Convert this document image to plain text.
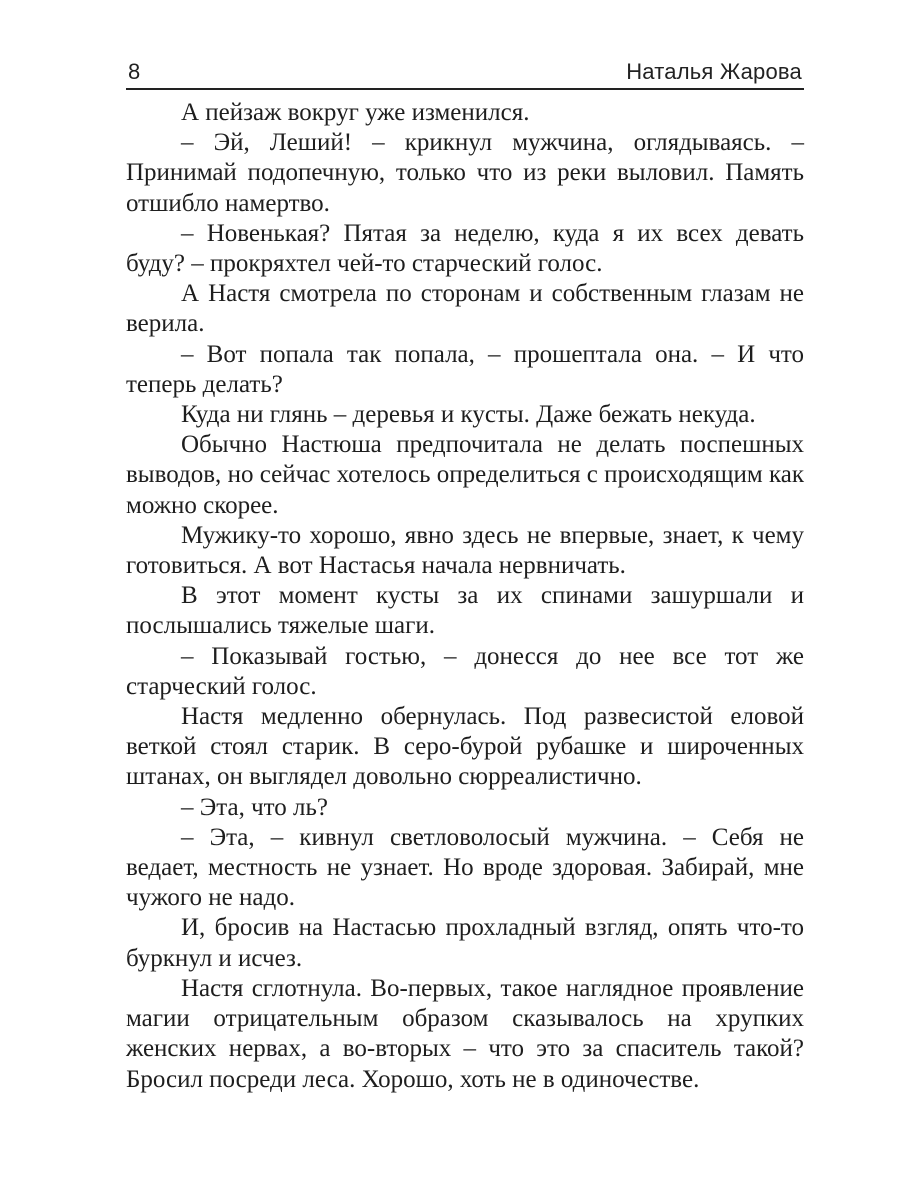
8	Наталья Жарова

А пейзаж вокруг уже изменился.

– Эй, Леший! – крикнул мужчина, оглядываясь. – Принимай подопечную, только что из реки выловил. Память отшибло намертво.

– Новенькая? Пятая за неделю, куда я их всех девать буду? – прокряхтел чей-то старческий голос.

А Настя смотрела по сторонам и собственным глазам не верила.

– Вот попала так попала, – прошептала она. – И что теперь делать?

Куда ни глянь – деревья и кусты. Даже бежать некуда.

Обычно Настюша предпочитала не делать поспешных выводов, но сейчас хотелось определиться с происходящим как можно скорее.

Мужику-то хорошо, явно здесь не впервые, знает, к чему готовиться. А вот Настасья начала нервничать.

В этот момент кусты за их спинами зашуршали и послышались тяжелые шаги.

– Показывай гостью, – донесся до нее все тот же старческий голос.

Настя медленно обернулась. Под развесистой еловой веткой стоял старик. В серо-бурой рубашке и широченных штанах, он выглядел довольно сюрреалистично.

– Эта, что ль?

– Эта, – кивнул светловолосый мужчина. – Себя не ведает, местность не узнает. Но вроде здоровая. Забирай, мне чужого не надо.

И, бросив на Настасью прохладный взгляд, опять что-то буркнул и исчез.

Настя сглотнула. Во-первых, такое наглядное проявление магии отрицательным образом сказывалось на хрупких женских нервах, а во-вторых – что это за спаситель такой? Бросил посреди леса. Хорошо, хоть не в одиночестве.
